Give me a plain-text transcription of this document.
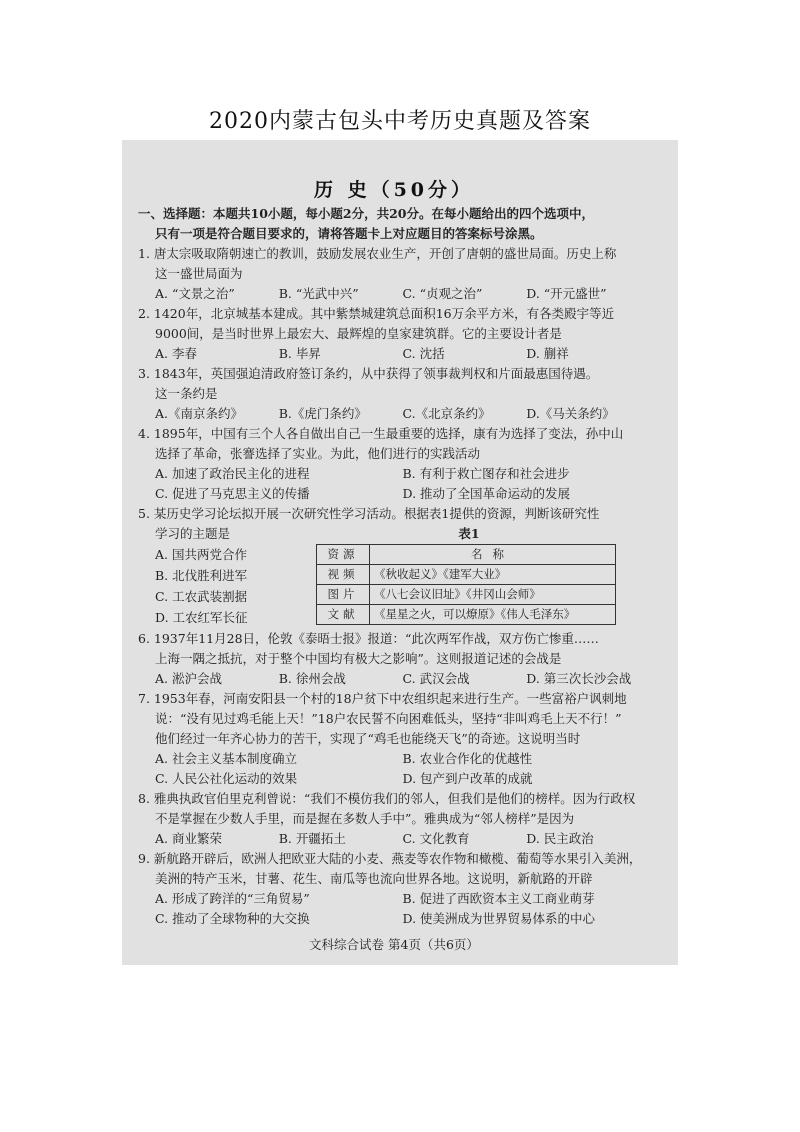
2020内蒙古包头中考历史真题及答案
历 史（50分）

一、选择题：本题共10小题，每小题2分，共20分。在每小题给出的四个选项中，

只有一项是符合题目要求的，请将答题卡上对应题目的答案标号涂黑。

1. 唐太宗吸取隋朝速亡的教训，鼓励发展农业生产，开创了唐朝的盛世局面。历史上称

这一盛世局面为

A. “文景之治”	B. “光武中兴”	C. “贞观之治”	D. “开元盛世”

2. 1420年，北京城基本建成。其中紫禁城建筑总面积16万余平方米，有各类殿宇等近

9000间，是当时世界上最宏大、最辉煌的皇家建筑群。它的主要设计者是

A. 李春	B. 毕昇	C. 沈括	D. 蒯祥

3. 1843年，英国强迫清政府签订条约，从中获得了领事裁判权和片面最惠国待遇。

这一条约是

A.《南京条约》	B.《虎门条约》	C.《北京条约》	D.《马关条约》

4. 1895年，中国有三个人各自做出自己一生最重要的选择，康有为选择了变法，孙中山

选择了革命，张謇选择了实业。为此，他们进行的实践活动

A. 加速了政治民主化的进程	B. 有利于救亡图存和社会进步
C. 促进了马克思主义的传播	D. 推动了全国革命运动的发展

5. 某历史学习论坛拟开展一次研究性学习活动。根据表1提供的资源，判断该研究性

学习的主题是
A. 国共两党合作
B. 北伐胜利进军
C. 工农武装割据
D. 工农红军长征
表1
资源	名称
视频	《秋收起义》《建军大业》
图片	《八七会议旧址》《井冈山会师》
文献	《星星之火，可以燎原》《伟人毛泽东》

6. 1937年11月28日，伦敦《泰晤士报》报道：“此次两军作战，双方伤亡惨重……

上海一隅之抵抗，对于整个中国均有极大之影响”。这则报道记述的会战是

A. 淞沪会战	B. 徐州会战	C. 武汉会战	D. 第三次长沙会战

7. 1953年春，河南安阳县一个村的18户贫下中农组织起来进行生产。一些富裕户讽刺地

说：“没有见过鸡毛能上天！”18户农民誓不向困难低头，坚持“非叫鸡毛上天不行！”

他们经过一年齐心协力的苦干，实现了“鸡毛也能绕天飞”的奇迹。这说明当时

A. 社会主义基本制度确立	B. 农业合作化的优越性
C. 人民公社化运动的效果	D. 包产到户改革的成就

8. 雅典执政官伯里克利曾说：“我们不模仿我们的邻人，但我们是他们的榜样。因为行政权

不是掌握在少数人手里，而是握在多数人手中”。雅典成为“邻人榜样”是因为

A. 商业繁荣	B. 开疆拓土	C. 文化教育	D. 民主政治

9. 新航路开辟后，欧洲人把欧亚大陆的小麦、燕麦等农作物和橄榄、葡萄等水果引入美洲，

美洲的特产玉米，甘薯、花生、南瓜等也流向世界各地。这说明，新航路的开辟

A. 形成了跨洋的“三角贸易”	B. 促进了西欧资本主义工商业萌芽
C. 推动了全球物种的大交换	D. 使美洲成为世界贸易体系的中心
文科综合试卷 第4页（共6页）
